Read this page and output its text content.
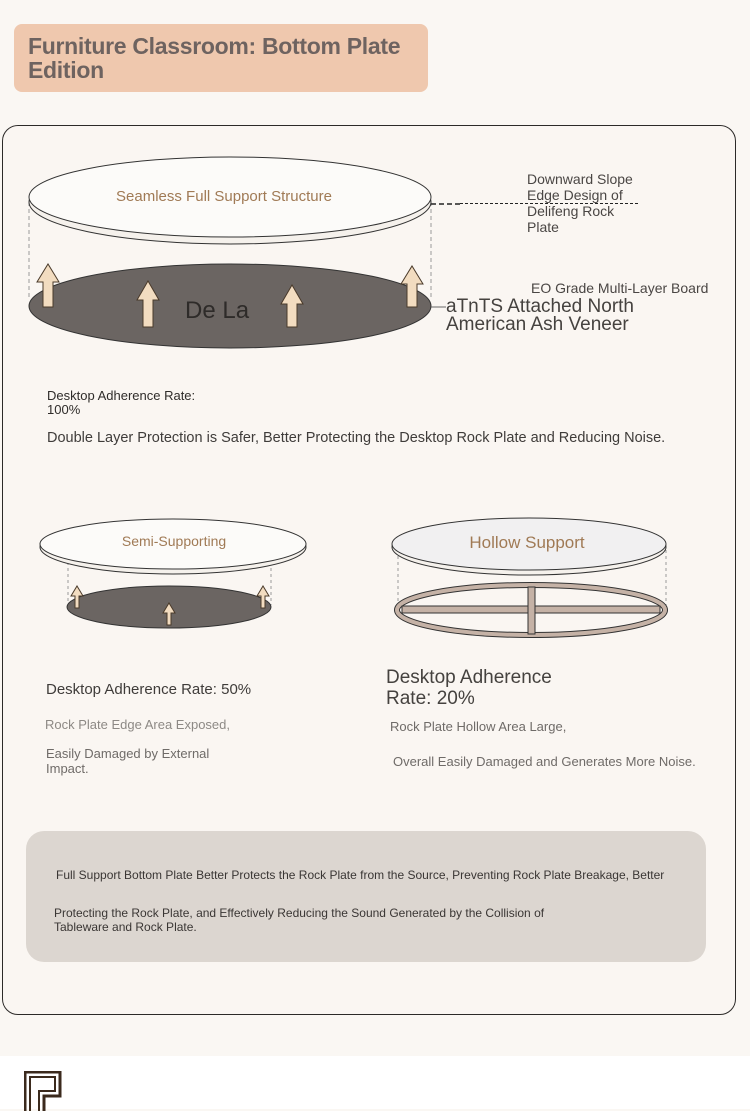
Furniture Classroom: Bottom Plate Edition
De La
Seamless Full Support Structure
Downward Slope
Edge Design of
Delifeng Rock
Plate
EO Grade Multi-Layer Board
aTnTS Attached North
American Ash Veneer
Desktop Adherence Rate:
100%
Double Layer Protection is Safer, Better Protecting the Desktop Rock Plate and Reducing Noise.
Semi-Supporting
Desktop Adherence Rate: 50%
Rock Plate Edge Area Exposed,
Easily Damaged by External
Impact.
Hollow Support
Desktop Adherence
Rate: 20%
Rock Plate Hollow Area Large,
Overall Easily Damaged and Generates More Noise.
Full Support Bottom Plate Better Protects the Rock Plate from the Source, Preventing Rock Plate Breakage, Better
Protecting the Rock Plate, and Effectively Reducing the Sound Generated by the Collision of
Tableware and Rock Plate.
